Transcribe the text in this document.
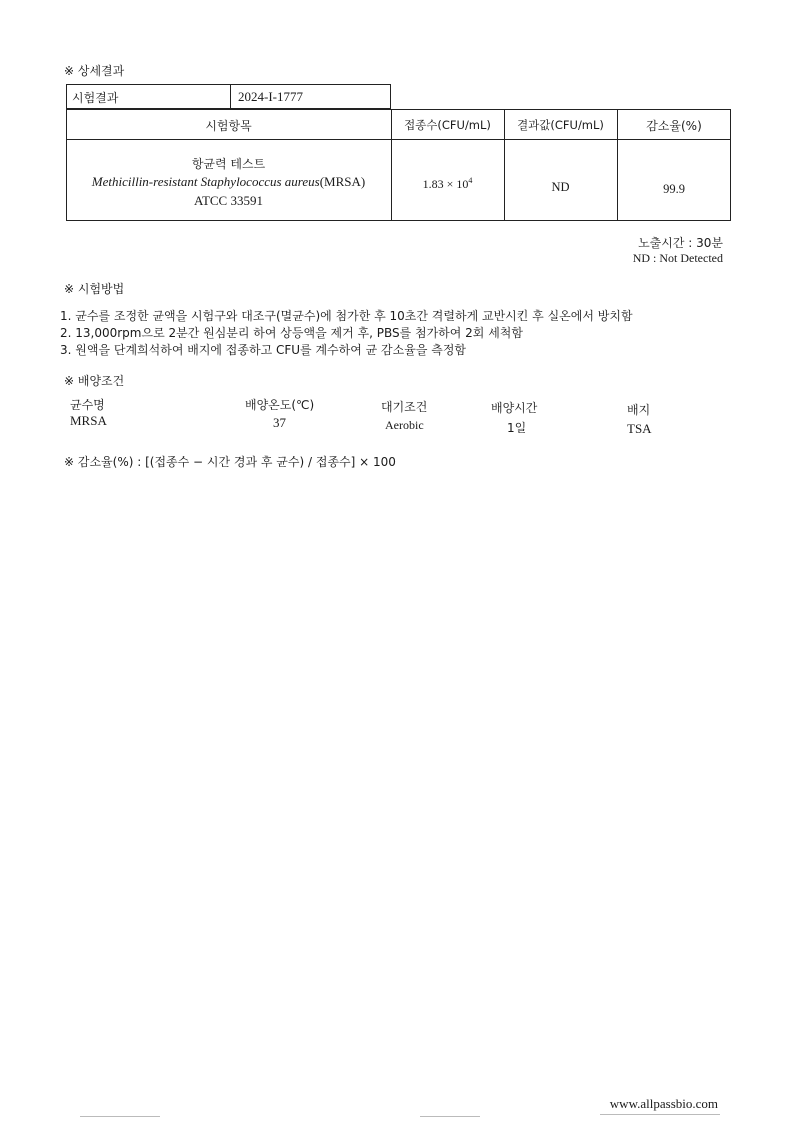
※ 상세결과
시험결과	2024-I-1777
시험항목	접종수(CFU/mL)	결과값(CFU/mL)	감소율(%)
항균력 테스트
Methicillin-resistant Staphylococcus aureus(MRSA)
ATCC 33591
$1.83 \times 10^4$	ND	99.9
노출시간 : 30분
ND : Not Detected
※ 시험방법
1. 균수를 조정한 균액을 시험구와 대조구(멸균수)에 첨가한 후 10초간 격렬하게 교반시킨 후 실온에서 방치함
2. 13,000rpm으로 2분간 원심분리 하여 상등액을 제거 후, PBS를 첨가하여 2회 세척함
3. 원액을 단계희석하여 배지에 접종하고 CFU를 계수하여 균 감소율을 측정함
※ 배양조건
균수명	배양온도(℃)	대기조건	배양시간	배지
MRSA	37	Aerobic	1일	TSA
※ 감소율(%) : [(접종수 − 시간 경과 후 균수) / 접종수] × 100
www.allpassbio.com
